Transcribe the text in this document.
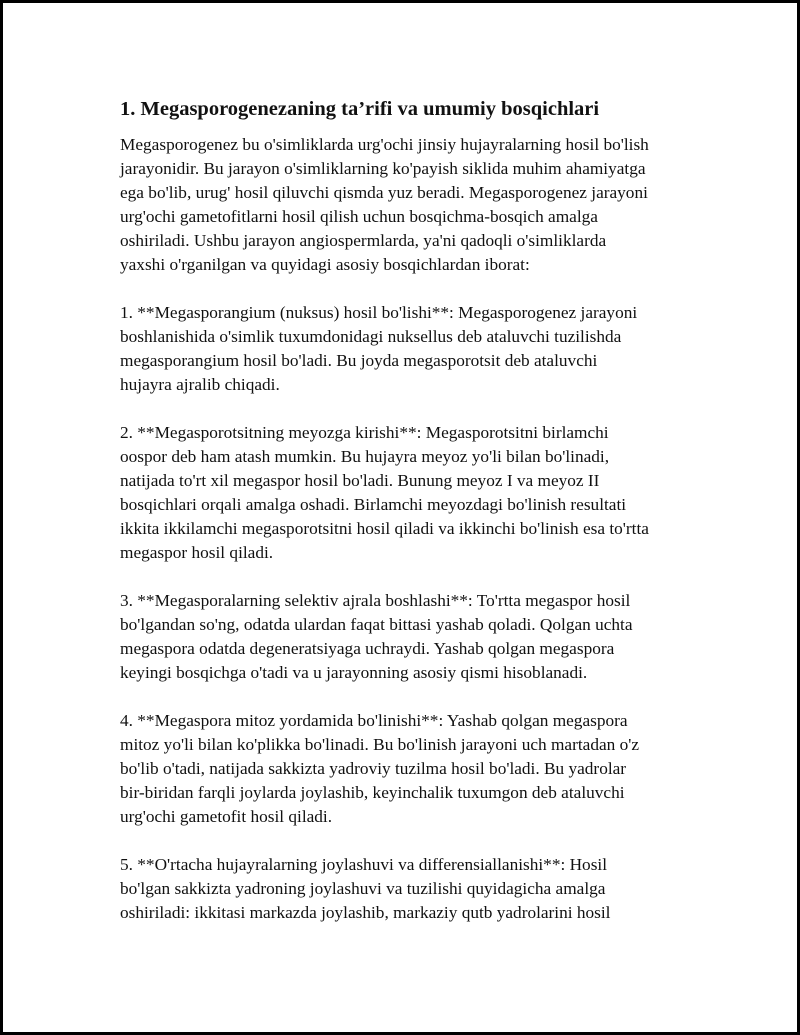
1. Megasporogenezaning ta’rifi va umumiy bosqichlari

Megasporogenez bu o'simliklarda urg'ochi jinsiy hujayralarning hosil bo'lish
jarayonidir. Bu jarayon o'simliklarning ko'payish siklida muhim ahamiyatga
ega bo'lib, urug' hosil qiluvchi qismda yuz beradi. Megasporogenez jarayoni
urg'ochi gametofitlarni hosil qilish uchun bosqichma-bosqich amalga
oshiriladi. Ushbu jarayon angiospermlarda, ya'ni qadoqli o'simliklarda
yaxshi o'rganilgan va quyidagi asosiy bosqichlardan iborat:

1. **Megasporangium (nuksus) hosil bo'lishi**: Megasporogenez jarayoni
boshlanishida o'simlik tuxumdonidagi nuksellus deb ataluvchi tuzilishda
megasporangium hosil bo'ladi. Bu joyda megasporotsit deb ataluvchi
hujayra ajralib chiqadi.

2. **Megasporotsitning meyozga kirishi**: Megasporotsitni birlamchi
oospor deb ham atash mumkin. Bu hujayra meyoz yo'li bilan bo'linadi,
natijada to'rt xil megaspor hosil bo'ladi. Bunung meyoz I va meyoz II
bosqichlari orqali amalga oshadi. Birlamchi meyozdagi bo'linish resultati
ikkita ikkilamchi megasporotsitni hosil qiladi va ikkinchi bo'linish esa to'rtta
megaspor hosil qiladi.

3. **Megasporalarning selektiv ajrala boshlashi**: To'rtta megaspor hosil
bo'lgandan so'ng, odatda ulardan faqat bittasi yashab qoladi. Qolgan uchta
megaspora odatda degeneratsiyaga uchraydi. Yashab qolgan megaspora
keyingi bosqichga o'tadi va u jarayonning asosiy qismi hisoblanadi.

4. **Megaspora mitoz yordamida bo'linishi**: Yashab qolgan megaspora
mitoz yo'li bilan ko'plikka bo'linadi. Bu bo'linish jarayoni uch martadan o'z
bo'lib o'tadi, natijada sakkizta yadroviy tuzilma hosil bo'ladi. Bu yadrolar
bir-biridan farqli joylarda joylashib, keyinchalik tuxumgon deb ataluvchi
urg'ochi gametofit hosil qiladi.

5. **O'rtacha hujayralarning joylashuvi va differensiallanishi**: Hosil
bo'lgan sakkizta yadroning joylashuvi va tuzilishi quyidagicha amalga
oshiriladi: ikkitasi markazda joylashib, markaziy qutb yadrolarini hosil
